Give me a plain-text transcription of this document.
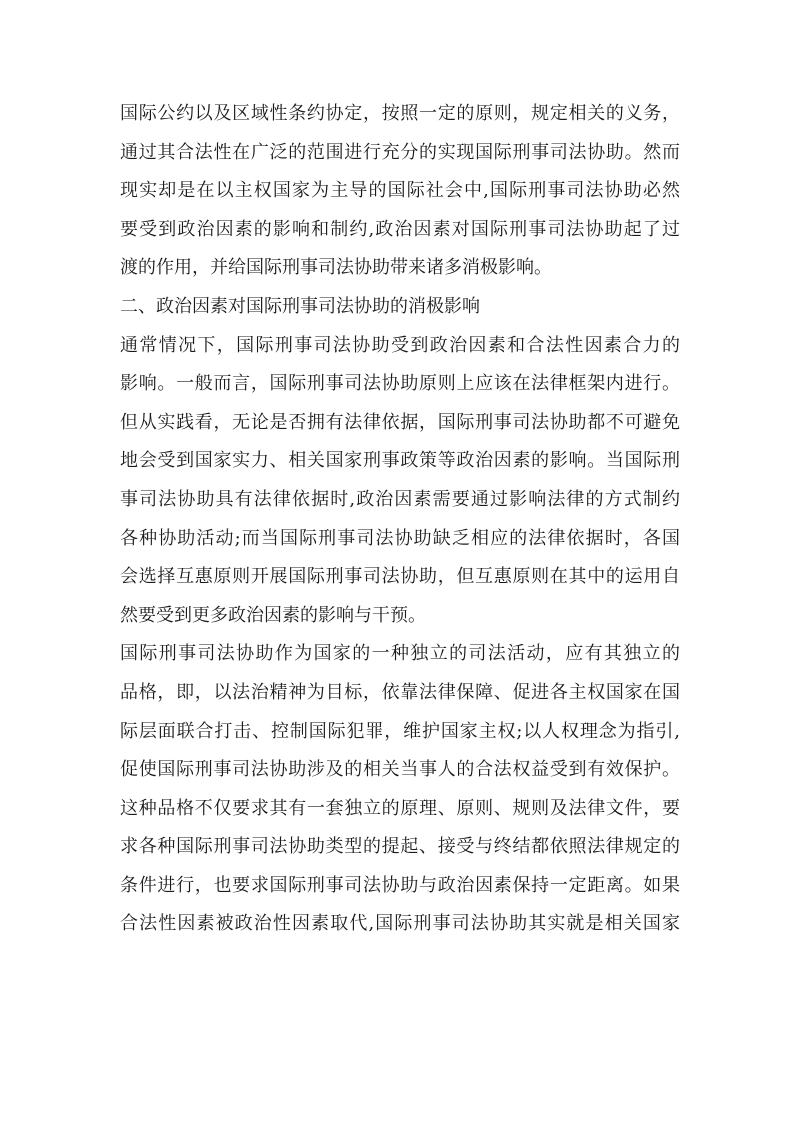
国际公约以及区域性条约协定，按照一定的原则，规定相关的义务，
通过其合法性在广泛的范围进行充分的实现国际刑事司法协助。然而
现实却是在以主权国家为主导的国际社会中,国际刑事司法协助必然
要受到政治因素的影响和制约,政治因素对国际刑事司法协助起了过
渡的作用，并给国际刑事司法协助带来诸多消极影响。
二、政治因素对国际刑事司法协助的消极影响
通常情况下，国际刑事司法协助受到政治因素和合法性因素合力的
影响。一般而言，国际刑事司法协助原则上应该在法律框架内进行。
但从实践看，无论是否拥有法律依据，国际刑事司法协助都不可避免
地会受到国家实力、相关国家刑事政策等政治因素的影响。当国际刑
事司法协助具有法律依据时,政治因素需要通过影响法律的方式制约
各种协助活动;而当国际刑事司法协助缺乏相应的法律依据时，各国
会选择互惠原则开展国际刑事司法协助，但互惠原则在其中的运用自
然要受到更多政治因素的影响与干预。
国际刑事司法协助作为国家的一种独立的司法活动，应有其独立的
品格，即，以法治精神为目标，依靠法律保障、促进各主权国家在国
际层面联合打击、控制国际犯罪，维护国家主权;以人权理念为指引,
促使国际刑事司法协助涉及的相关当事人的合法权益受到有效保护。
这种品格不仅要求其有一套独立的原理、原则、规则及法律文件，要
求各种国际刑事司法协助类型的提起、接受与终结都依照法律规定的
条件进行，也要求国际刑事司法协助与政治因素保持一定距离。如果
合法性因素被政治性因素取代,国际刑事司法协助其实就是相关国家
